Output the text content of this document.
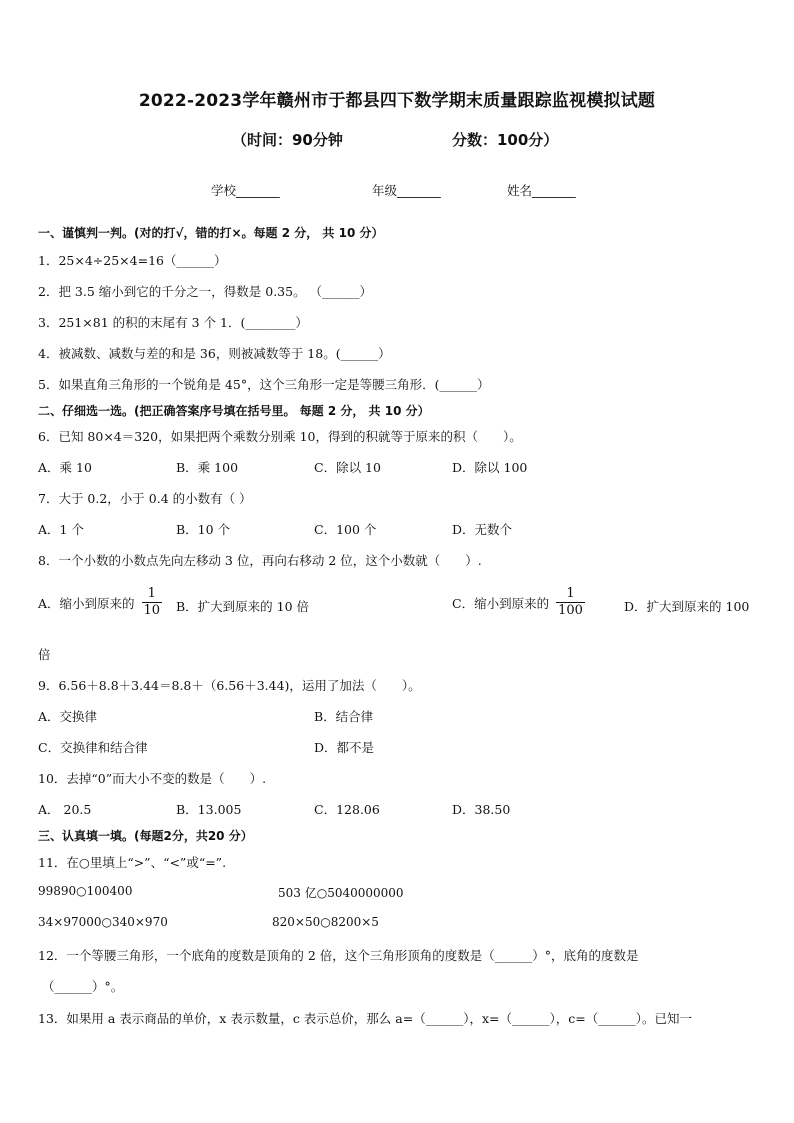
2022-2023学年赣州市于都县四下数学期末质量跟踪监视模拟试题
（时间：90分钟	分数：100分）
学校_______	年级_______	姓名_______
一、谨慎判一判。(对的打√，错的打×。每题 2 分， 共 10 分）
1．25×4÷25×4=16（______）
2．把 3.5 缩小到它的千分之一，得数是 0.35。 （______）
3．251×81 的积的末尾有 3 个 1．(________）
4．被减数、减数与差的和是 36，则被减数等于 18。(______）
5．如果直角三角形的一个锐角是 45°，这个三角形一定是等腰三角形．(______）
二、仔细选一选。(把正确答案序号填在括号里。 每题 2 分， 共 10 分）
6．已知 80×4＝320，如果把两个乘数分别乘 10，得到的积就等于原来的积（　　）。
A．乘 10	B．乘 100	C．除以 10	D．除以 100
7．大于 0.2，小于 0.4 的小数有（ ）
A．1 个	B．10 个	C．100 个	D．无数个
8．一个小数的小数点先向左移动 3 位，再向右移动 2 位，这个小数就（　　）.
A．缩小到原来的 $\frac{1}{10}$ B．扩大到原来的 10 倍	C．缩小到原来的 $\frac{1}{100}$	D．扩大到原来的 100
倍
9．6.56＋8.8＋3.44＝8.8＋（6.56＋3.44)，运用了加法（　　）。
A．交换律	B．结合律
C．交换律和结合律	D．都不是
10．去掉“0”而大小不变的数是（　　）.
A． 20.5	B．13.005	C．128.06	D．38.50
三、认真填一填。(每题2分，共20 分）
11．在○里填上“>”、“<”或“=”.
99890○100400	503 亿○5040000000
34×97000○340×970	820×50○8200×5
12．一个等腰三角形，一个底角的度数是顶角的 2 倍，这个三角形顶角的度数是（______）°，底角的度数是
（______）°。
13．如果用 a 表示商品的单价，x 表示数量，c 表示总价，那么 a=（______），x=（______），c=（______）。已知一
